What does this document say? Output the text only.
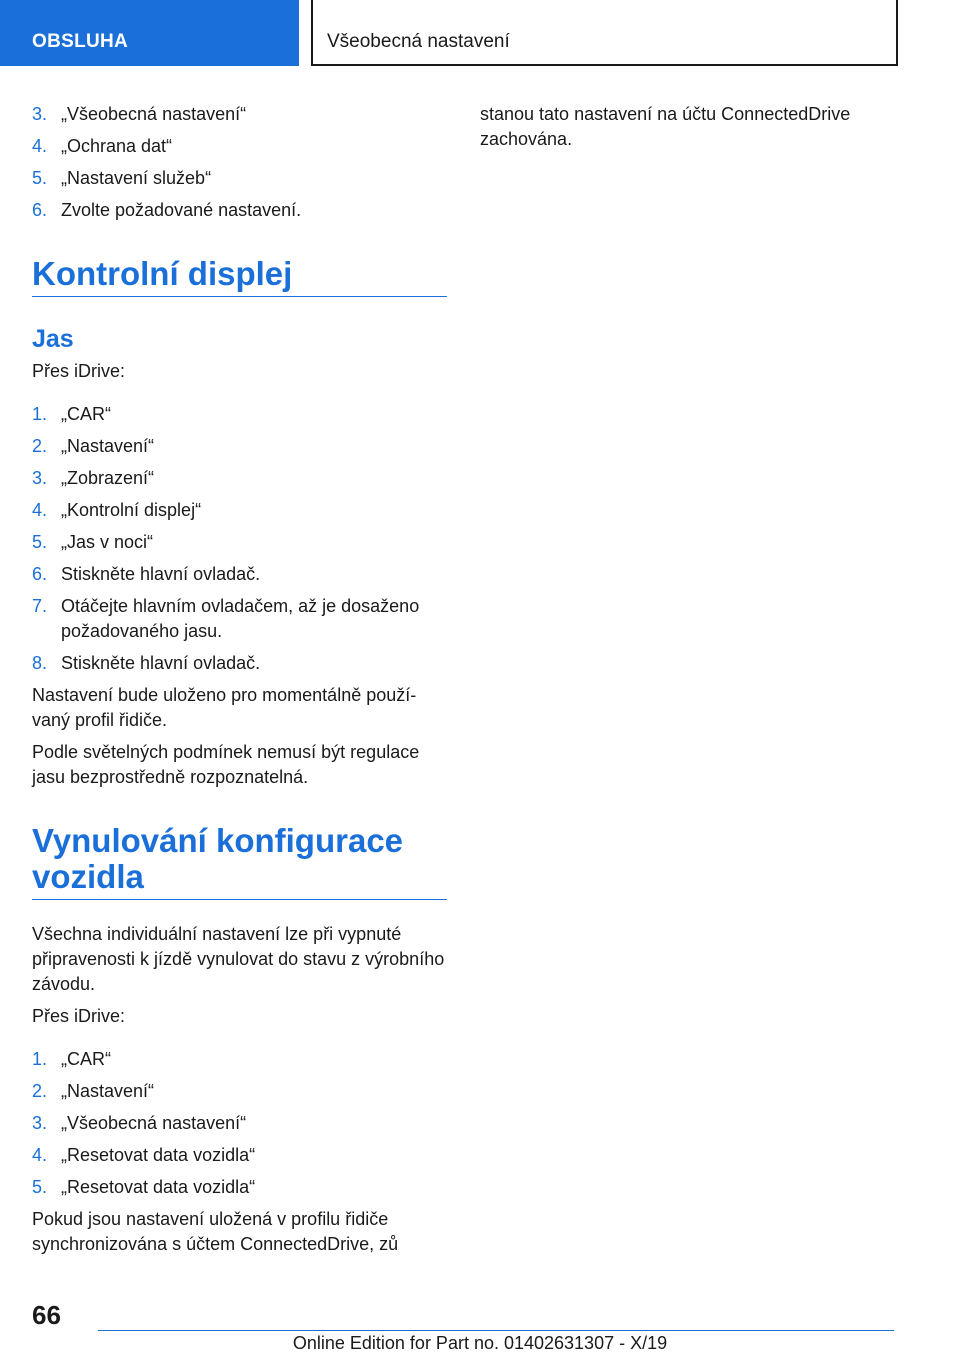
OBSLUHA	Všeobecná nastavení
3. „Všeobecná nastavení“
4. „Ochrana dat“
5. „Nastavení služeb“
6. Zvolte požadované nastavení.
Kontrolní displej
Jas

Přes iDrive:

1. „CAR“
2. „Nastavení“
3. „Zobrazení“
4. „Kontrolní displej“
5. „Jas v noci“
6. Stiskněte hlavní ovladač.
7. Otáčejte hlavním ovladačem, až je dosaženo požadovaného jasu.
8. Stiskněte hlavní ovladač.

Nastavení bude uloženo pro momentálně používaný profil řidiče.

Podle světelných podmínek nemusí být regulace jasu bezprostředně rozpoznatelná.

Vynulování konfigurace vozidla

Všechna individuální nastavení lze při vypnuté připravenosti k jízdě vynulovat do stavu z výrobního závodu.

Přes iDrive:

1. „CAR“
2. „Nastavení“
3. „Všeobecná nastavení“
4. „Resetovat data vozidla“
5. „Resetovat data vozidla“

Pokud jsou nastavení uložená v profilu řidiče synchronizována s účtem ConnectedDrive, zů

stanou tato nastavení na účtu ConnectedDrive zachována.

66
Online Edition for Part no. 01402631307 - X/19
